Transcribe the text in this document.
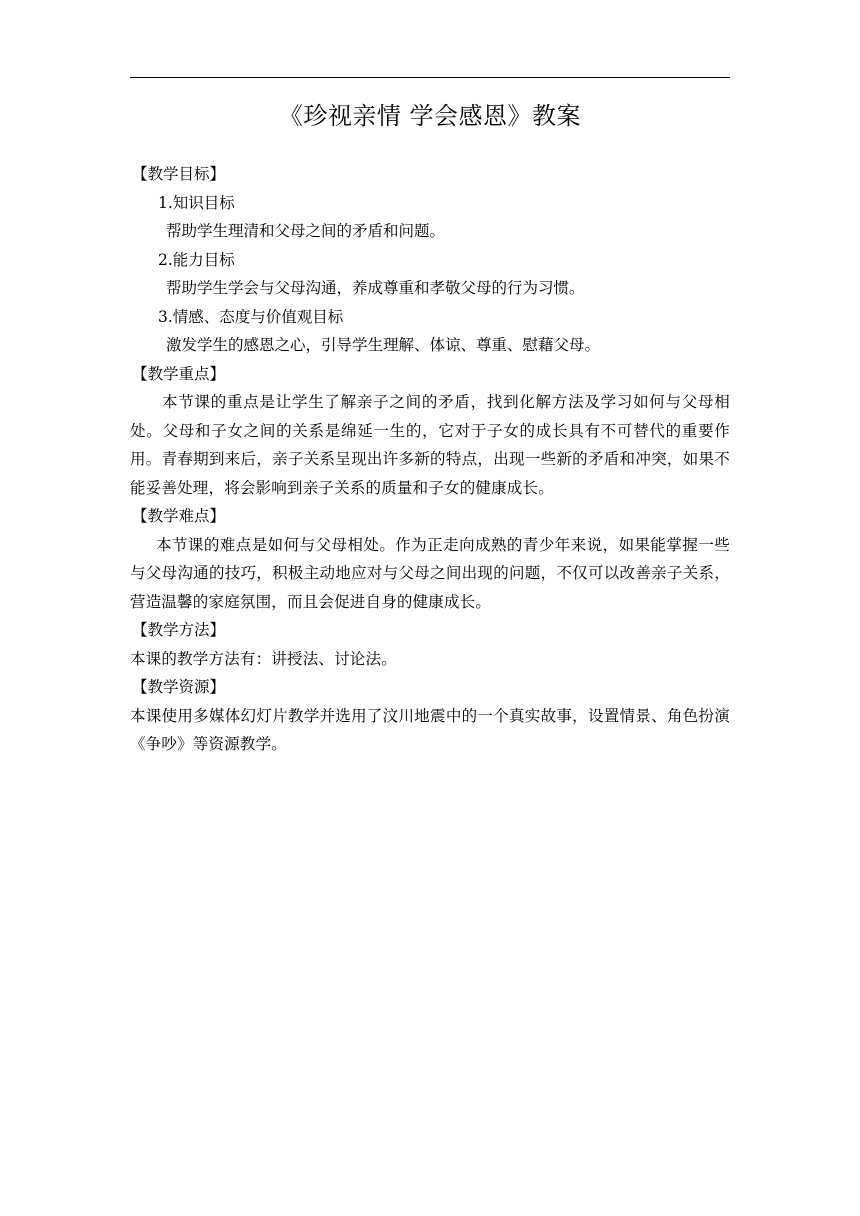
《珍视亲情 学会感恩》教案

【教学目标】

1.知识目标

帮助学生理清和父母之间的矛盾和问题。

2.能力目标

帮助学生学会与父母沟通，养成尊重和孝敬父母的行为习惯。

3.情感、态度与价值观目标

激发学生的感恩之心，引导学生理解、体谅、尊重、慰藉父母。

【教学重点】

本节课的重点是让学生了解亲子之间的矛盾，找到化解方法及学习如何与父母相处。父母和子女之间的关系是绵延一生的，它对于子女的成长具有不可替代的重要作用。青春期到来后，亲子关系呈现出许多新的特点，出现一些新的矛盾和冲突，如果不能妥善处理，将会影响到亲子关系的质量和子女的健康成长。

【教学难点】

本节课的难点是如何与父母相处。作为正走向成熟的青少年来说，如果能掌握一些与父母沟通的技巧，积极主动地应对与父母之间出现的问题，不仅可以改善亲子关系，营造温馨的家庭氛围，而且会促进自身的健康成长。

【教学方法】

本课的教学方法有：讲授法、讨论法。

【教学资源】

本课使用多媒体幻灯片教学并选用了汶川地震中的一个真实故事，设置情景、角色扮演《争吵》等资源教学。
